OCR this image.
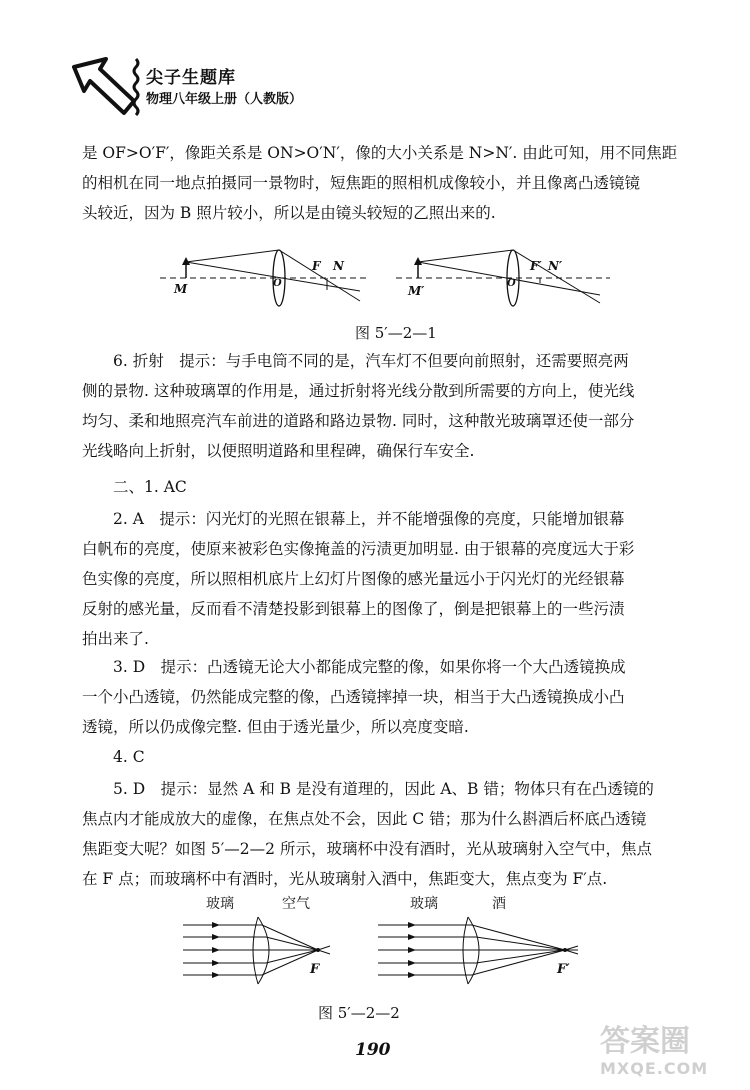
尖子生题库
物理八年级上册（人教版）
是 OF>O′F′，像距关系是 ON>O′N′，像的大小关系是 N>N′. 由此可知，用不同焦距
的相机在同一地点拍摄同一景物时，短焦距的照相机成像较小，并且像离凸透镜镜
头较近，因为 B 照片较小，所以是由镜头较短的乙照出来的.
M	O
F N
M′
O
F′ N′
图 5′—2—1
6. 折射　提示：与手电筒不同的是，汽车灯不但要向前照射，还需要照亮两
侧的景物. 这种玻璃罩的作用是，通过折射将光线分散到所需要的方向上，使光线
均匀、柔和地照亮汽车前进的道路和路边景物. 同时，这种散光玻璃罩还使一部分
光线略向上折射，以便照明道路和里程碑，确保行车安全.
二、1. AC
2. A　提示：闪光灯的光照在银幕上，并不能增强像的亮度，只能增加银幕
白帆布的亮度，使原来被彩色实像掩盖的污渍更加明显. 由于银幕的亮度远大于彩
色实像的亮度，所以照相机底片上幻灯片图像的感光量远小于闪光灯的光经银幕
反射的感光量，反而看不清楚投影到银幕上的图像了，倒是把银幕上的一些污渍
拍出来了.
3. D　提示：凸透镜无论大小都能成完整的像，如果你将一个大凸透镜换成
一个小凸透镜，仍然能成完整的像，凸透镜摔掉一块，相当于大凸透镜换成小凸
透镜，所以仍成像完整. 但由于透光量少，所以亮度变暗.
4. C
5. D　提示：显然 A 和 B 是没有道理的，因此 A、B 错；物体只有在凸透镜的
焦点内才能成放大的虚像，在焦点处不会，因此 C 错；那为什么斟酒后杯底凸透镜
焦距变大呢？如图 5′—2—2 所示，玻璃杯中没有酒时，光从玻璃射入空气中，焦点
在 F 点；而玻璃杯中有酒时，光从玻璃射入酒中，焦距变大，焦点变为 F′点.
玻璃	空气	玻璃	酒
F	F′
图 5′—2—2
190	答案圈
MXQE.COM
